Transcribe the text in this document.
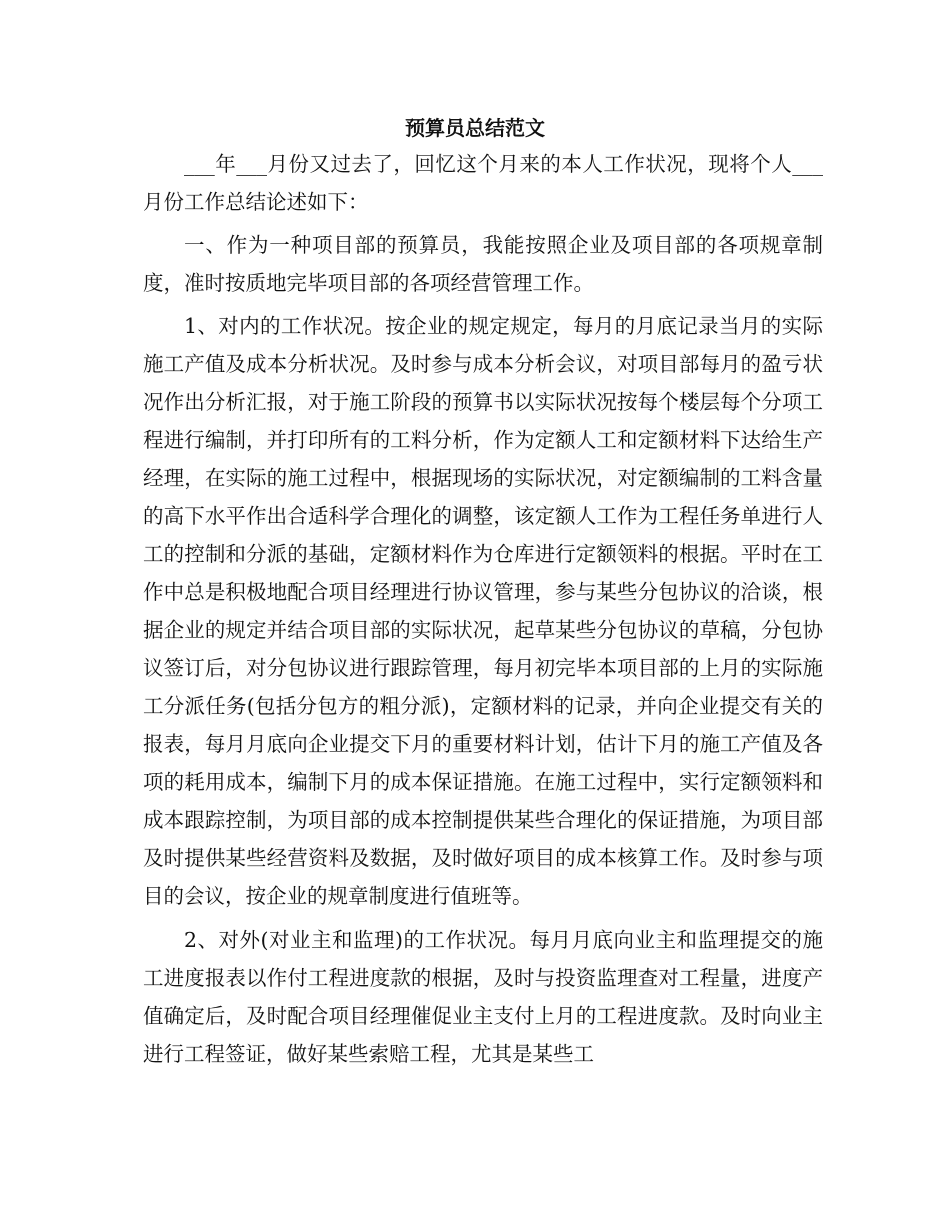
预算员总结范文

___年___月份又过去了，回忆这个月来的本人工作状况，现将个人___月份工作总结论述如下：

一、作为一种项目部的预算员，我能按照企业及项目部的各项规章制度，准时按质地完毕项目部的各项经营管理工作。

1、对内的工作状况。按企业的规定规定，每月的月底记录当月的实际施工产值及成本分析状况。及时参与成本分析会议，对项目部每月的盈亏状况作出分析汇报，对于施工阶段的预算书以实际状况按每个楼层每个分项工程进行编制，并打印所有的工料分析，作为定额人工和定额材料下达给生产经理，在实际的施工过程中，根据现场的实际状况，对定额编制的工料含量的高下水平作出合适科学合理化的调整，该定额人工作为工程任务单进行人工的控制和分派的基础，定额材料作为仓库进行定额领料的根据。平时在工作中总是积极地配合项目经理进行协议管理，参与某些分包协议的洽谈，根据企业的规定并结合项目部的实际状况，起草某些分包协议的草稿，分包协议签订后，对分包协议进行跟踪管理，每月初完毕本项目部的上月的实际施工分派任务(包括分包方的粗分派)，定额材料的记录，并向企业提交有关的报表，每月月底向企业提交下月的重要材料计划，估计下月的施工产值及各项的耗用成本，编制下月的成本保证措施。在施工过程中，实行定额领料和成本跟踪控制，为项目部的成本控制提供某些合理化的保证措施，为项目部及时提供某些经营资料及数据，及时做好项目的成本核算工作。及时参与项目的会议，按企业的规章制度进行值班等。

2、对外(对业主和监理)的工作状况。每月月底向业主和监理提交的施工进度报表以作付工程进度款的根据，及时与投资监理查对工程量，进度产值确定后，及时配合项目经理催促业主支付上月的工程进度款。及时向业主进行工程签证，做好某些索赔工程，尤其是某些工
